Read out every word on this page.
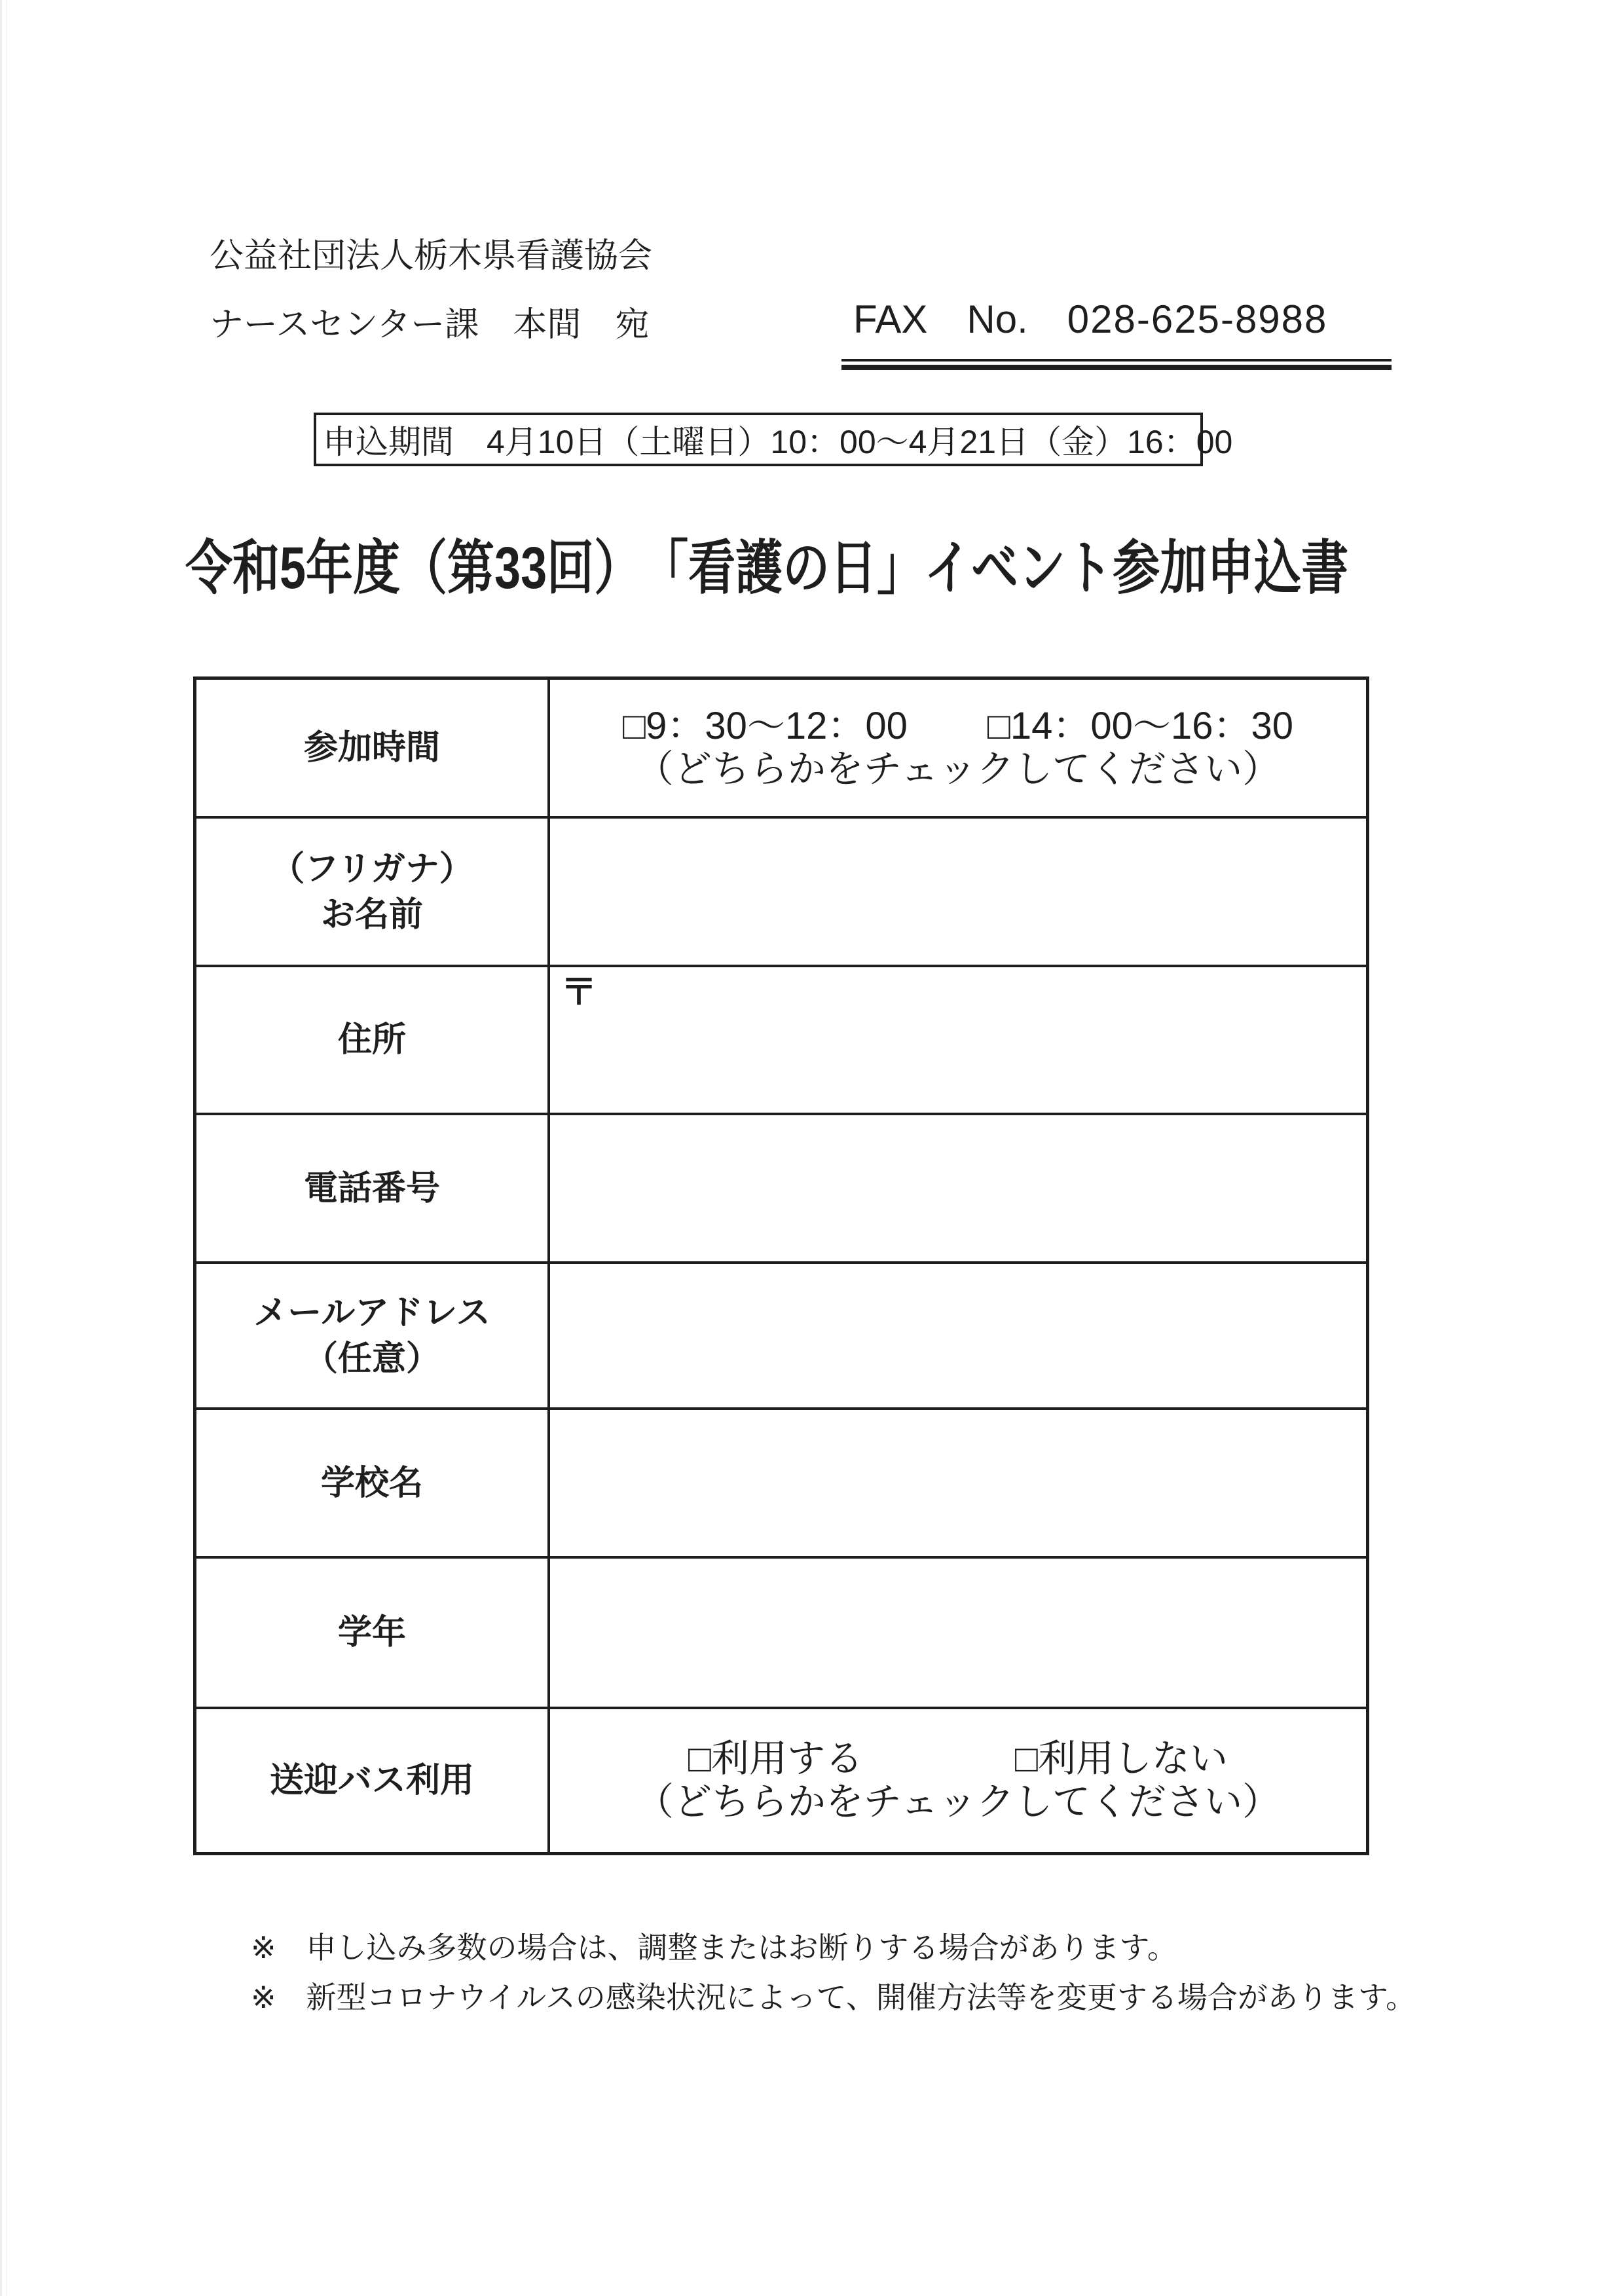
公益社団法人栃木県看護協会
ナースセンター課　本間　宛	FAX　 No.　 028-625-8988
申込期間　4月10日（土曜日）10：00～4月21日（金）16：00
令和5年度（第33回）　「看護の日」イベント参加申込書
参加時間
□9：30～12：00 □14：00～16：30
（どちらかをチェックしてください）
（フリガナ）
お名前
住所
〒
電話番号
メールアドレス
（任意）
学校名
学年
送迎バス利用
□利用する	□利用しない
（どちらかをチェックしてください）
※　申し込み多数の場合は、調整またはお断りする場合があります。
※　新型コロナウイルスの感染状況によって、開催方法等を変更する場合があります。
